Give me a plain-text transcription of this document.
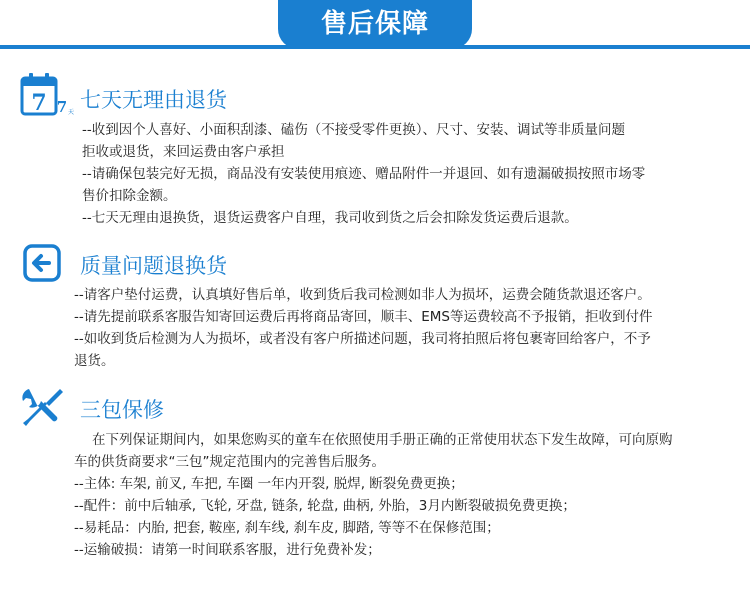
售后保障
7 7 天
七天无理由退货
--收到因个人喜好、小面积刮漆、磕伤（不接受零件更换）、尺寸、安装、调试等非质量问题
拒收或退货，来回运费由客户承担
--请确保包装完好无损，商品没有安装使用痕迹、赠品附件一并退回、如有遗漏破损按照市场零
售价扣除金额。
--七天无理由退换货，退货运费客户自理，我司收到货之后会扣除发货运费后退款。
质量问题退换货
--请客户垫付运费，认真填好售后单，收到货后我司检测如非人为损坏，运费会随货款退还客户。
--请先提前联系客服告知寄回运费后再将商品寄回，顺丰、EMS等运费较高不予报销，拒收到付件
--如收到货后检测为人为损坏，或者没有客户所描述问题，我司将拍照后将包裹寄回给客户，不予
退货。
三包保修
在下列保证期间内，如果您购买的童车在依照使用手册正确的正常使用状态下发生故障，可向原购
车的供货商要求“三包”规定范围内的完善售后服务。
--主体: 车架, 前叉, 车把, 车圈 一年内开裂, 脱焊, 断裂免费更换；
--配件：前中后轴承, 飞轮, 牙盘, 链条, 轮盘, 曲柄, 外胎，3月内断裂破损免费更换；
--易耗品：内胎, 把套, 鞍座, 刹车线, 刹车皮, 脚踏, 等等不在保修范围；
--运输破损：请第一时间联系客服，进行免费补发；
